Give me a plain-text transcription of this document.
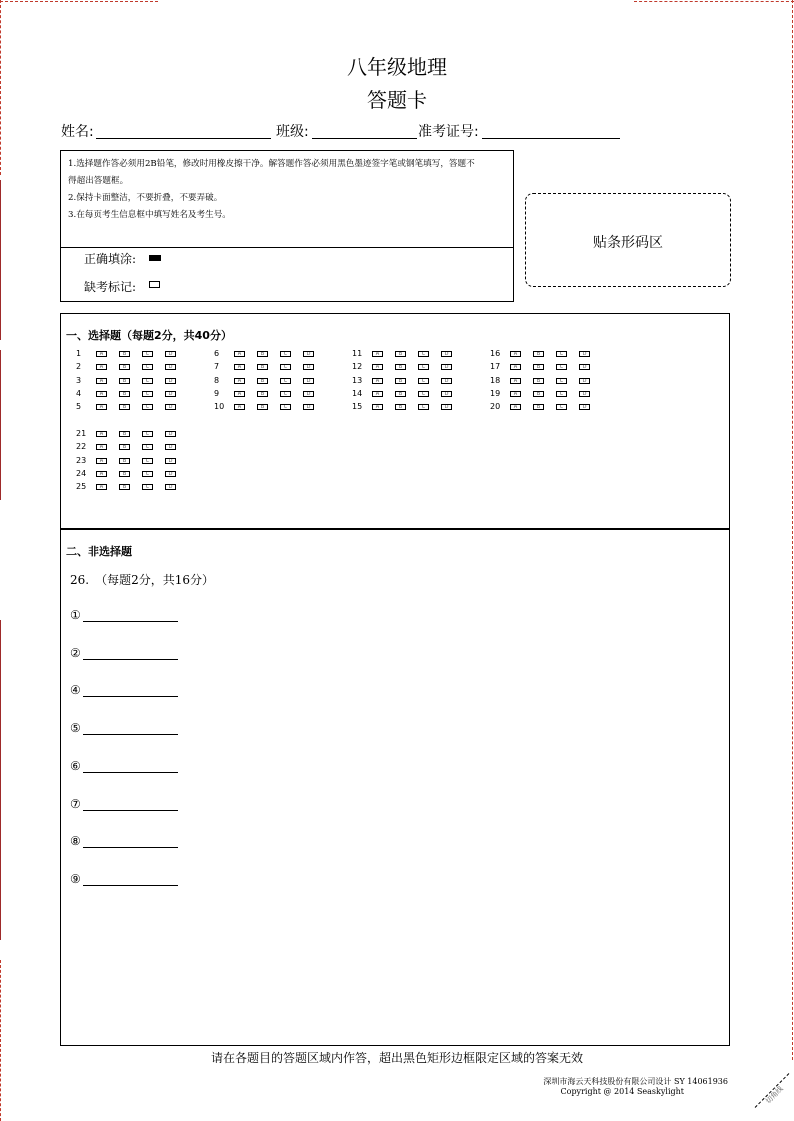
八年级地理
答题卡
姓名:	班级:	准考证号:
1.选择题作答必须用2B铅笔，修改时用橡皮擦干净。解答题作答必须用黑色墨迹签字笔或钢笔填写，答题不
得超出答题框。
2.保持卡面整洁，不要折叠，不要弄破。
3.在每页考生信息框中填写姓名及考生号。
正确填涂:
缺考标记:
贴条形码区
一、选择题（每题2分，共40分）
1	A	B	C	D
2	A	B	C	D
3	A	B	C	D
4	A	B	C	D
5	A	B	C	D
6	A	B	C	D
7	A	B	C	D
8	A	B	C	D
9	A	B	C	D
10	A	B	C	D
11	A	B	C	D
12	A	B	C	D
13	A	B	C	D
14	A	B	C	D
15	A	B	C	D
16	A	B	C	D
17	A	B	C	D
18	A	B	C	D
19	A	B	C	D
20	A	B	C	D
21	A	B	C	D
22	A	B	C	D
23	A	B	C	D
24	A	B	C	D
25	A	B	C	D
二、非选择题
26.　（每题2分，共16分）
①
②
④
⑤
⑥
⑦
⑧
⑨
请在各题目的答题区域内作答，超出黑色矩形边框限定区域的答案无效
深圳市海云天科技股份有限公司设计 SY 14061936
Copyright @ 2014 Seaskylight	切角线
